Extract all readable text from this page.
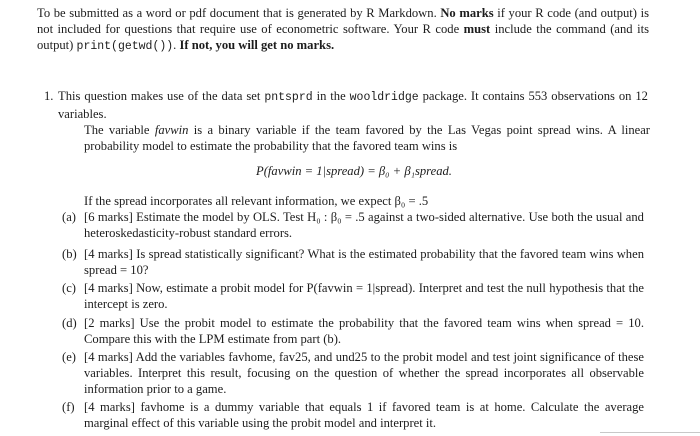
To be submitted as a word or pdf document that is generated by R Markdown. No marks if your R code (and output) is not included for questions that require use of econometric software. Your R code must include the command (and its output) print(getwd()). If not, you will get no marks.
1. This question makes use of the data set pntsprd in the wooldridge package. It contains 553 observations on 12 variables.
The variable favwin is a binary variable if the team favored by the Las Vegas point spread wins. A linear probability model to estimate the probability that the favored team wins is
P(favwin = 1|spread) = β₀ + β₁spread.
If the spread incorporates all relevant information, we expect β₀ = .5
(a) [6 marks] Estimate the model by OLS. Test H₀ : β₀ = .5 against a two-sided alternative. Use both the usual and heteroskedasticity-robust standard errors.
(b) [4 marks] Is spread statistically significant? What is the estimated probability that the favored team wins when spread = 10?
(c) [4 marks] Now, estimate a probit model for P(favwin = 1|spread). Interpret and test the null hypothesis that the intercept is zero.
(d) [2 marks] Use the probit model to estimate the probability that the favored team wins when spread = 10. Compare this with the LPM estimate from part (b).
(e) [4 marks] Add the variables favhome, fav25, and und25 to the probit model and test joint significance of these variables. Interpret this result, focusing on the question of whether the spread incorporates all observable information prior to a game.
(f) [4 marks] favhome is a dummy variable that equals 1 if favored team is at home. Calculate the average marginal effect of this variable using the probit model and interpret it.
